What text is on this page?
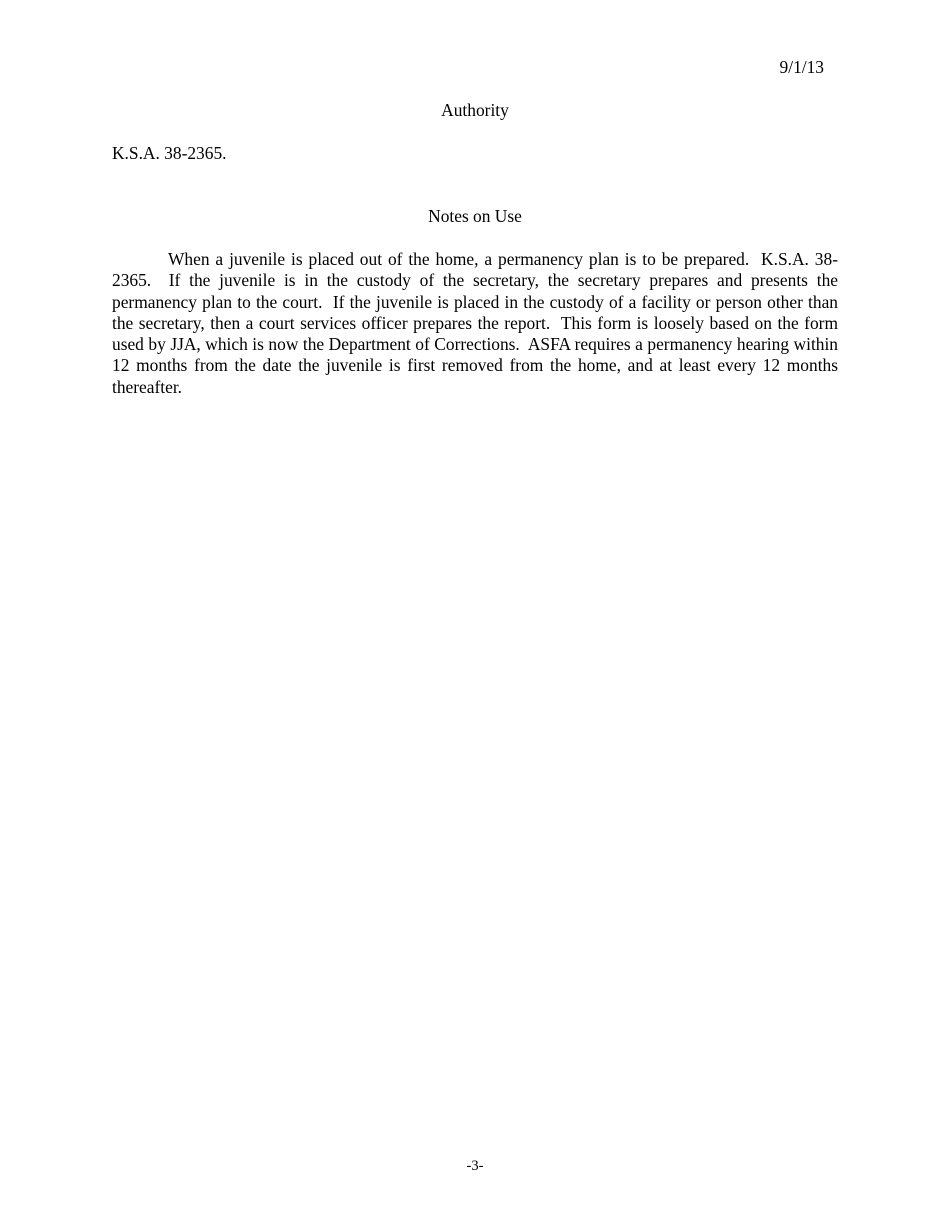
9/1/13

Authority

K.S.A. 38-2365.

Notes on Use

When a juvenile is placed out of the home, a permanency plan is to be prepared.  K.S.A. 38-2365.  If the juvenile is in the custody of the secretary, the secretary prepares and presents the permanency plan to the court.  If the juvenile is placed in the custody of a facility or person other than the secretary, then a court services officer prepares the report.  This form is loosely based on the form used by JJA, which is now the Department of Corrections.  ASFA requires a permanency hearing within 12 months from the date the juvenile is first removed from the home, and at least every 12 months thereafter.

-3-
